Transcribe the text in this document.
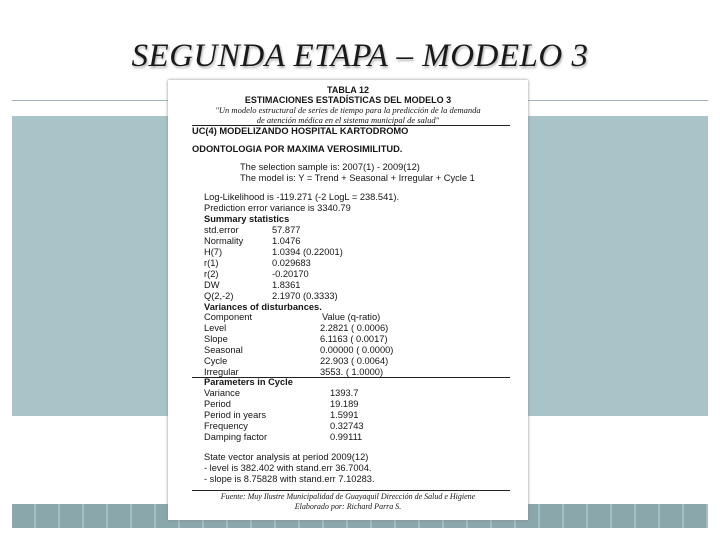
SEGUNDA ETAPA – MODELO 3
TABLA 12
ESTIMACIONES ESTADÍSTICAS DEL MODELO 3
"Un modelo estructural de series de tiempo para la predicción de la demanda
de atención médica en el sistema municipal de salud"
UC(4) MODELIZANDO HOSPITAL KARTODROMO
ODONTOLOGIA POR MAXIMA VEROSIMILITUD.
The selection sample is: 2007(1) - 2009(12)
The model is: Y = Trend + Seasonal + Irregular + Cycle 1
Log-Likelihood is -119.271 (-2 LogL = 238.541).
Prediction error variance is 3340.79
Summary statistics
std.error	57.877
Normality	1.0476
H(7)	1.0394 (0.22001)
r(1)	0.029683
r(2)	-0.20170
DW	1.8361
Q(2,-2)	2.1970 (0.3333)
Variances of disturbances.
Component	Value (q-ratio)
Level	2.2821 ( 0.0006)
Slope	6.1163 ( 0.0017)
Seasonal	0.00000 ( 0.0000)
Cycle	22.903 ( 0.0064)
Irregular	3553. ( 1.0000)
Parameters in Cycle
Variance	1393.7
Period	19.189
Period in years	1.5991
Frequency	0.32743
Damping factor	0.99111
State vector analysis at period 2009(12)
- level is 382.402 with stand.err 36.7004.
- slope is 8.75828 with stand.err 7.10283.
Fuente: Muy Ilustre Municipalidad de Guayaquil Dirección de Salud e Higiene
Elaborado por: Richard Parra S.
